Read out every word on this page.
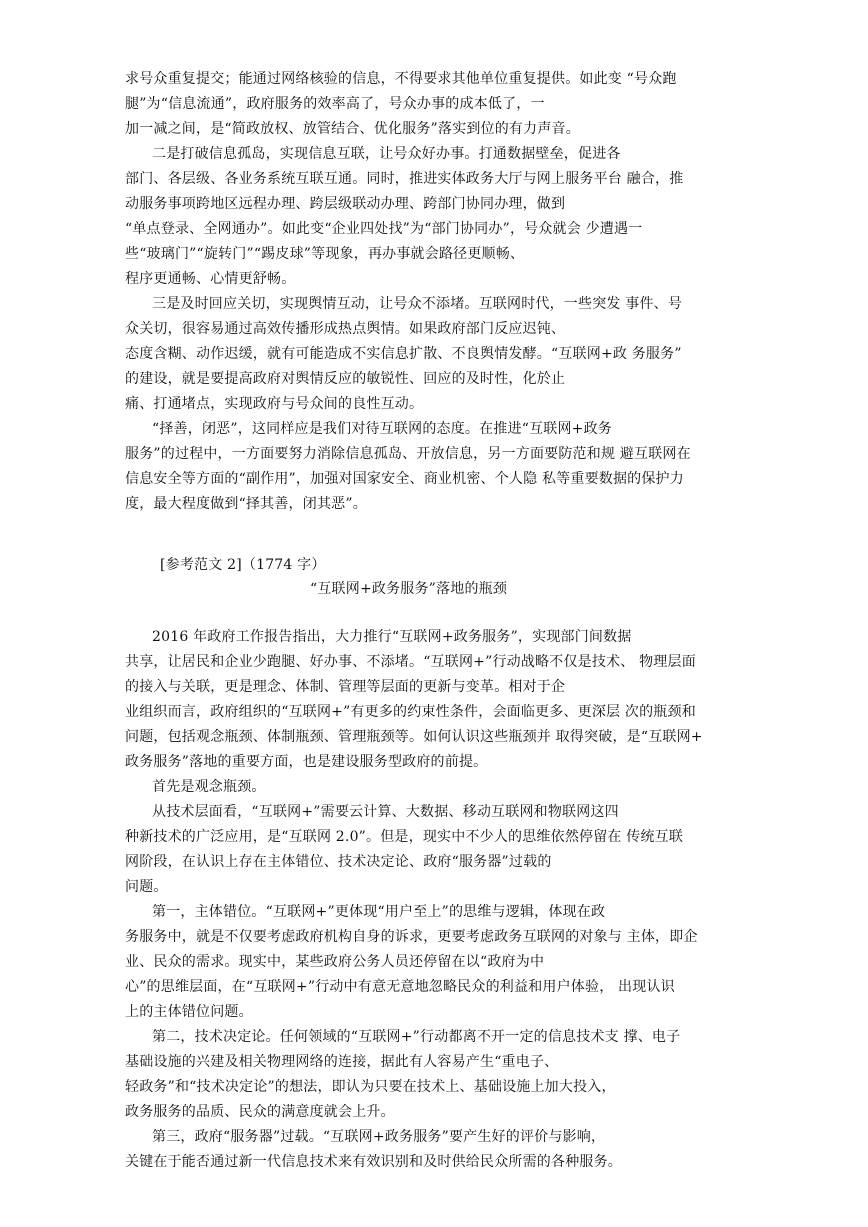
求号众重复提交；能通过网络核验的信息，不得要求其他单位重复提供。如此变 “号众跑
腿”为“信息流通”，政府服务的效率高了，号众办事的成本低了，一
加一减之间，是“简政放权、放管结合、优化服务”落实到位的有力声音。
二是打破信息孤岛，实现信息互联，让号众好办事。打通数据壁垒，促进各
部门、各层级、各业务系统互联互通。同时，推进实体政务大厅与网上服务平台 融合，推
动服务事项跨地区远程办理、跨层级联动办理、跨部门协同办理，做到
“单点登录、全网通办”。如此变“企业四处找”为“部门协同办”，号众就会 少遭遇一
些“玻璃门”“旋转门”“踢皮球”等现象，再办事就会路径更顺畅、
程序更通畅、心情更舒畅。
三是及时回应关切，实现舆情互动，让号众不添堵。互联网时代，一些突发 事件、号
众关切，很容易通过高效传播形成热点舆情。如果政府部门反应迟钝、
态度含糊、动作迟缓，就有可能造成不实信息扩散、不良舆情发酵。“互联网+政 务服务”
的建设，就是要提高政府对舆情反应的敏锐性、回应的及时性，化於止
痛、打通堵点，实现政府与号众间的良性互动。
“择善，闭恶”，这同样应是我们对待互联网的态度。在推进“互联网+政务
服务”的过程中，一方面要努力消除信息孤岛、开放信息，另一方面要防范和规 避互联网在
信息安全等方面的“副作用”，加强对国家安全、商业机密、个人隐 私等重要数据的保护力
度，最大程度做到“择其善，闭其恶”。
[参考范文 2]（1774 字）
“互联网+政务服务”落地的瓶颈
2016 年政府工作报告指出，大力推行“互联网+政务服务”，实现部门间数据
共享，让居民和企业少跑腿、好办事、不添堵。“互联网+”行动战略不仅是技术、 物理层面
的接入与关联，更是理念、体制、管理等层面的更新与变革。相对于企
业组织而言，政府组织的“互联网+”有更多的约束性条件，会面临更多、更深层 次的瓶颈和
问题，包括观念瓶颈、体制瓶颈、管理瓶颈等。如何认识这些瓶颈并 取得突破，是“互联网+
政务服务”落地的重要方面，也是建设服务型政府的前提。
首先是观念瓶颈。
从技术层面看，“互联网+”需要云计算、大数据、移动互联网和物联网这四
种新技术的广泛应用，是“互联网 2.0”。但是，现实中不少人的思维依然停留在 传统互联
网阶段，在认识上存在主体错位、技术决定论、政府“服务器”过载的
问题。
第一，主体错位。“互联网+”更体现“用户至上”的思维与逻辑，体现在政
务服务中，就是不仅要考虑政府机构自身的诉求，更要考虑政务互联网的对象与 主体，即企
业、民众的需求。现实中，某些政府公务人员还停留在以“政府为中
心”的思维层面，在“互联网+”行动中有意无意地忽略民众的利益和用户体验， 出现认识
上的主体错位问题。
第二，技术决定论。任何领域的“互联网+”行动都离不开一定的信息技术支 撑、电子
基础设施的兴建及相关物理网络的连接，据此有人容易产生“重电子、
轻政务”和“技术决定论”的想法，即认为只要在技术上、基础设施上加大投入，
政务服务的品质、民众的满意度就会上升。
第三，政府“服务器”过载。“互联网+政务服务”要产生好的评价与影响，
关键在于能否通过新一代信息技术来有效识别和及时供给民众所需的各种服务。
